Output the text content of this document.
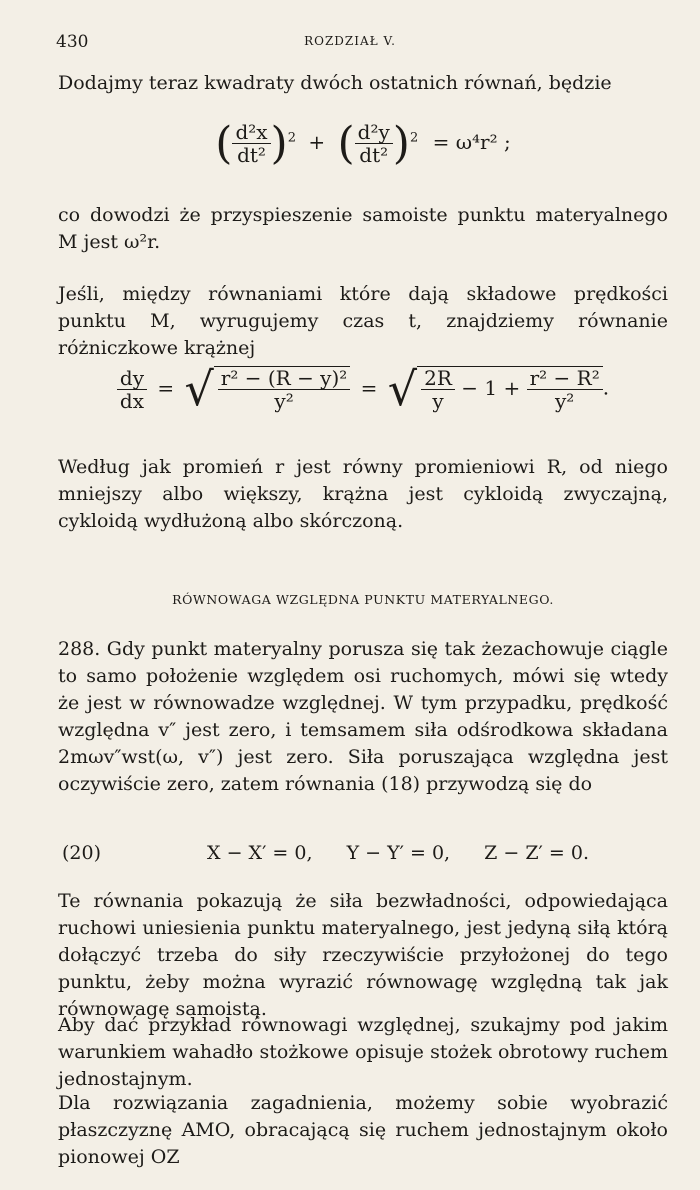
430	ROZDZIAŁ V.
Dodajmy teraz kwadraty dwóch ostatnich równań, będzie
( $\frac{\text{d²x}}{\text{dt²}} )^2$ + ( $\frac{\text{d²y}}{\text{dt²}} )^2 = \omega^4r^2$ ;
co dowodzi że przyspieszenie samoiste punktu materyalnego M jest ω²r.
Jeśli, między równaniami które dają składowe prędkości punktu M, wyrugujemy czas t, znajdziemy równanie różniczkowe krążnej
$\frac{dy}{dx}$ = √ $\frac{\text{r² − (R − y)²}}{\text{y²}}$ = √ $\frac{2R}{y} - 1 + \frac{\text{r² − R²}}{\text{y²}}$ .
Według jak promień r jest równy promieniowi R, od niego mniejszy albo większy, krążna jest cykloidą zwyczajną, cykloidą wydłużoną albo skórczoną.
RÓWNOWAGA WZGLĘDNA PUNKTU MATERYALNEGO.
288. Gdy punkt materyalny porusza się tak żezachowuje ciągle to samo położenie względem osi ruchomych, mówi się wtedy że jest w równowadze względnej. W tym przypadku, prędkość względna v″ jest zero, i temsamem siła odśrodkowa składana 2mωv″wst(ω, v″) jest zero. Siła poruszająca względna jest oczywiście zero, zatem równania (18) przywodzą się do
(20)	X − X′ = 0, Y − Y′ = 0, Z − Z′ = 0.
Te równania pokazują że siła bezwładności, odpowiedająca ruchowi uniesienia punktu materyalnego, jest jedyną siłą którą dołączyć trzeba do siły rzeczywiście przyłożonej do tego punktu, żeby można wyrazić równowagę względną tak jak równowagę samoistą.
Aby dać przykład równowagi względnej, szukajmy pod jakim warunkiem wahadło stożkowe opisuje stożek obrotowy ruchem jednostajnym.
Dla rozwiązania zagadnienia, możemy sobie wyobrazić płaszczyznę AMO, obracającą się ruchem jednostajnym około pionowej OZ
